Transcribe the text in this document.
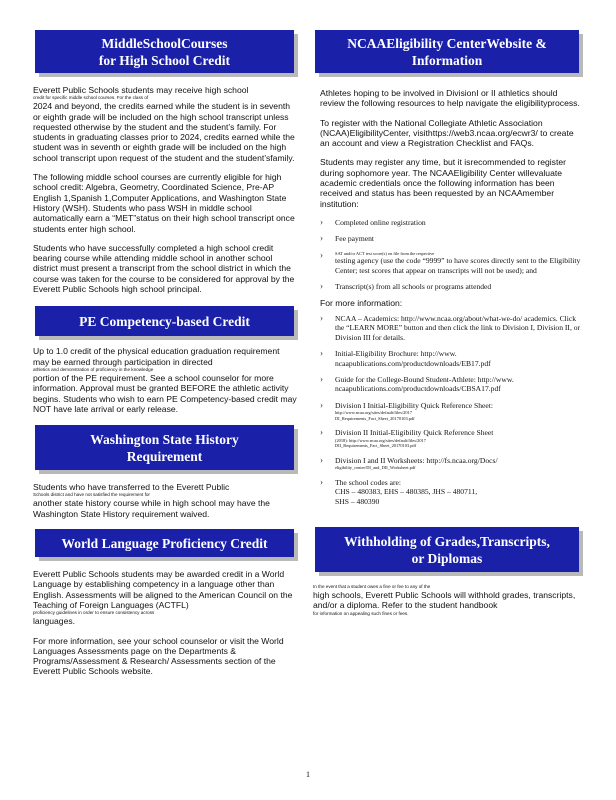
MiddleSchoolCourses
for High School Credit

Everett Public Schools students may receive high school
credit for specific middle school courses. For the class of
2024 and beyond, the credits earned while the student is in seventh or eighth grade will be included on the high school transcript unless requested otherwise by the student and the student’s family. For students in graduating classes prior to 2024, credits earned while the student was in seventh or eighth grade will be included on the high school transcript upon request of the student and the student’sfamily.

The following middle school courses are currently eligible for high school credit: Algebra, Geometry, Coordinated Science, Pre-AP English 1,Spanish 1,Computer Applications, and Washington State History (WSH). Students who pass WSH in middle school automatically earn a “MET”status on their high school transcript once students enter high school.

Students who have successfully completed a high school credit bearing course while attending middle school in another school district must present a transcript from the school district in which the course was taken for the course to be considered for approval by the Everett Public Schools high school principal.

PE Competency-based Credit

Up to 1.0 credit of the physical education graduation requirement may be earned through participation in directed
athletics and demonstration of proficiency in the knowledge
portion of the PE requirement. See a school counselor for more information. Approval must be granted BEFORE the athletic activity begins. Students who wish to earn PE Competency-based credit may NOT have late arrival or early release.

Washington State History
Requirement

Students who have transferred to the Everett Public
Schools district and have not satisfied the requirement for
another state history course while in high school may have the Washington State History requirement waived.

World Language Proficiency Credit

Everett Public Schools students may be awarded credit in a World Language by establishing competency in a language other than English. Assessments will be aligned to the American Council on the Teaching of Foreign Languages (ACTFL)
proficiency guidelines in order to ensure consistency across
languages.

For more information, see your school counselor or visit the World Languages Assessments page on the Departments & Programs/Assessment & Research/ Assessments section of the Everett Public Schools website.

NCAAEligibility CenterWebsite &
Information

Athletes hoping to be involved in DivisionI or II athletics should review the following resources to help navigate the eligibilityprocess.

To register with the National Collegiate Athletic Association (NCAA)EligibilityCenter, visithttps://web3.ncaa.org/ecwr3/ to create an account and view a Registration Checklist and FAQs.

Students may register any time, but it isrecommended to register during sophomore year. The NCAAEligibility Center willevaluate academic credentials once the following information has been received and status has been requested by an NCAAmember institution:

› Completed online registration
› Fee payment
› SAT and/or ACT test score(s) on file from the respective
testing agency (use the code “9999” to have scores directly sent to the Eligibility Center; test scores that appear on transcripts will not be used); and
› Transcript(s) from all schools or programs attended

For more information:

› NCAA – Academics: http://www.ncaa.org/about/what-we-do/ academics. Click the “LEARN MORE” button and then click the link to Division I, Division II, or Division III for details.
› Initial-Eligibility Brochure: http://www. ncaapublications.com/productdownloads/EB17.pdf
› Guide for the College-Bound Student-Athlete: http://www. ncaapublications.com/productdownloads/CBSA17.pdf
› Division I Initial-Eligibility Quick Reference Sheet:
http://www.ncaa.org/sites/default/files/2017
DI_Requirements_Fact_Sheet_20170103.pdf
› Division II Initial-Eligibility Quick Reference Sheet
(2018): http://www.ncaa.org/sites/default/files/2017
DII_Requirements_Fact_Sheet_20170103.pdf
› Division I and II Worksheets: http://fs.ncaa.org/Docs/
eligibility_center/DI_and_DII_Worksheet.pdf
› The school codes are:
CHS – 480383, EHS – 480385, JHS – 480711,
SHS – 480390
Withholding of Grades,Transcripts,
or Diplomas

In the event that a student owes a fine or fee to any of the
high schools, Everett Public Schools will withhold grades, transcripts, and/or a diploma. Refer to the student handbook
for information on appealing such fines or fees.

1
